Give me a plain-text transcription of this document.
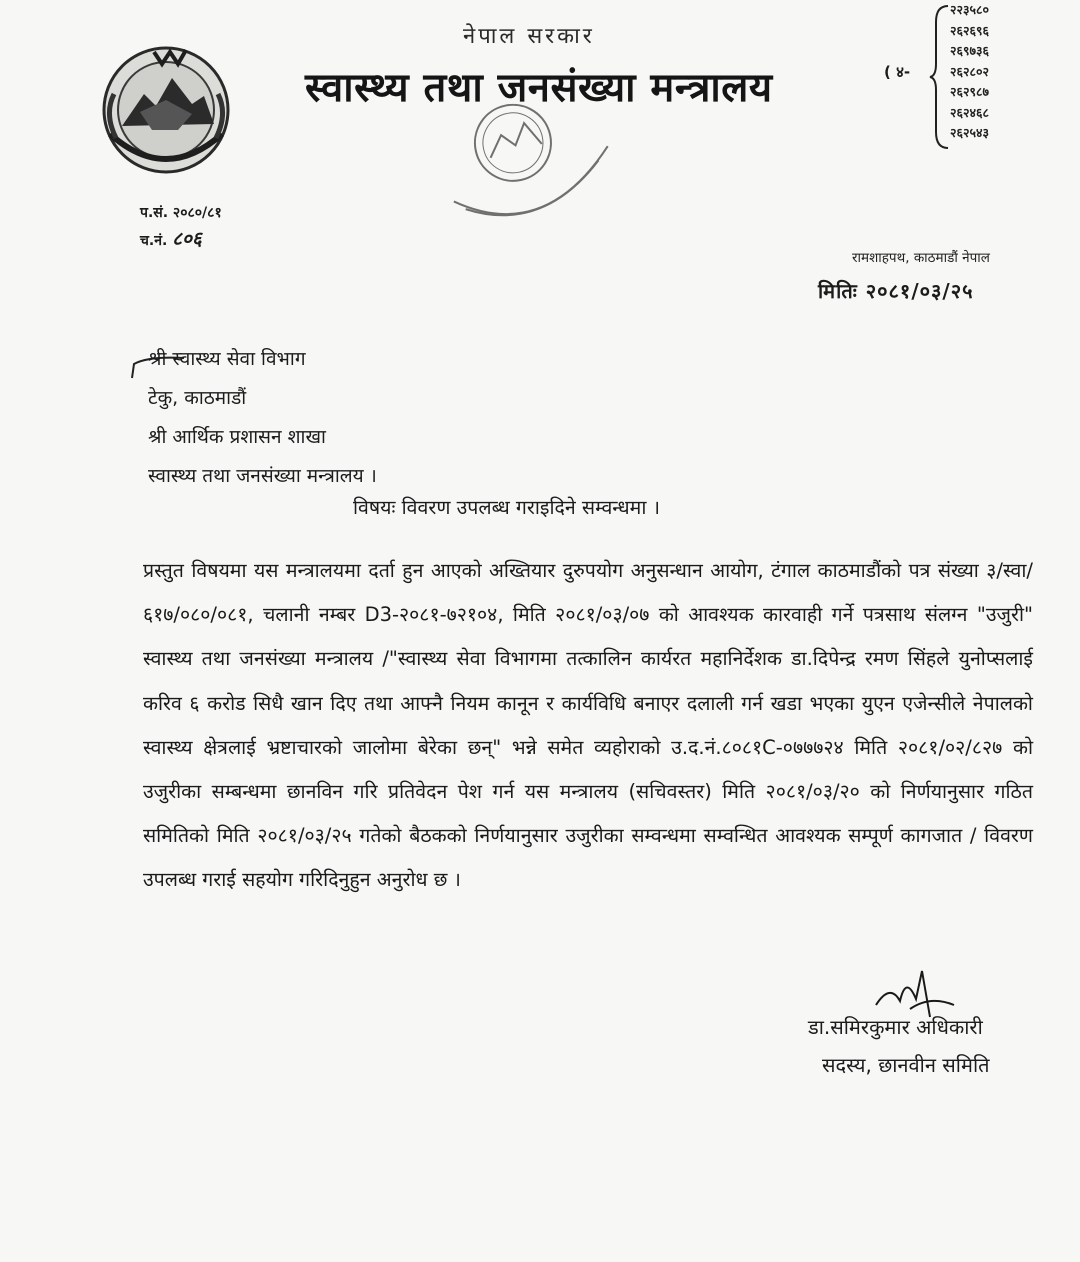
नेपाल सरकार
स्वास्थ्य तथा जनसंख्या मन्त्रालय	( ४-
२२३५८०
२६२६९६
२६९७३६
२६२८०२
२६२९८७
२६२४६८
२६२५४३
प.सं. २०८०/८१
च.नं. ८०६
रामशाहपथ, काठमाडौं नेपाल
मितिः २०८१/०३/२५
श्री स्वास्थ्य सेवा विभाग
टेकु, काठमाडौं
श्री आर्थिक प्रशासन शाखा
स्वास्थ्य तथा जनसंख्या मन्त्रालय ।
विषयः विवरण उपलब्ध गराइदिने सम्वन्धमा ।
प्रस्तुत विषयमा यस मन्त्रालयमा दर्ता हुन आएको अख्तियार दुरुपयोग अनुसन्धान आयोग, टंगाल काठमाडौंको पत्र संख्या ३/स्वा/६१७/०८०/०८१, चलानी नम्बर D3-२०८१-७२१०४, मिति २०८१/०३/०७ को आवश्यक कारवाही गर्ने पत्रसाथ संलग्न "उजुरी" स्वास्थ्य तथा जनसंख्या मन्त्रालय /"स्वास्थ्य सेवा विभागमा तत्कालिन कार्यरत महानिर्देशक डा.दिपेन्द्र रमण सिंहले युनोप्सलाई करिव ६ करोड सिधै खान दिए तथा आफ्नै नियम कानून र कार्यविधि बनाएर दलाली गर्न खडा भएका युएन एजेन्सीले नेपालको स्वास्थ्य क्षेत्रलाई भ्रष्टाचारको जालोमा बेरेका छन्" भन्ने समेत व्यहोराको उ.द.नं.८०८१C-०७७७२४ मिति २०८१/०२/८२७ को उजुरीका सम्बन्धमा छानविन गरि प्रतिवेदन पेश गर्न यस मन्त्रालय (सचिवस्तर) मिति २०८१/०३/२० को निर्णयानुसार गठित समितिको मिति २०८१/०३/२५ गतेको बैठकको निर्णयानुसार उजुरीका सम्वन्धमा सम्वन्धित आवश्यक सम्पूर्ण कागजात / विवरण उपलब्ध गराई सहयोग गरिदिनुहुन अनुरोध छ ।
डा.समिरकुमार अधिकारी
सदस्य, छानवीन समिति
